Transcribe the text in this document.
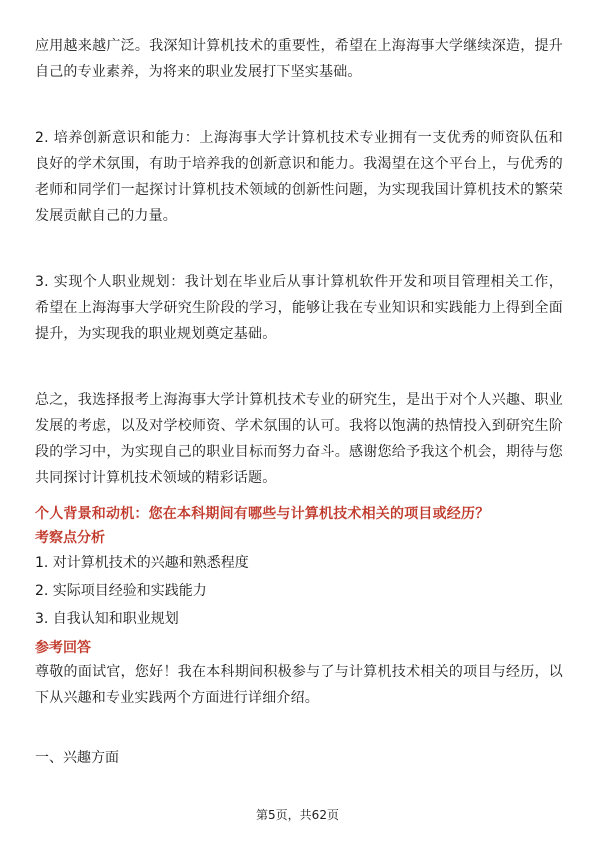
应用越来越广泛。我深知计算机技术的重要性，希望在上海海事大学继续深造，提升自己的专业素养，为将来的职业发展打下坚实基础。

2. 培养创新意识和能力：上海海事大学计算机技术专业拥有一支优秀的师资队伍和良好的学术氛围，有助于培养我的创新意识和能力。我渴望在这个平台上，与优秀的老师和同学们一起探讨计算机技术领域的创新性问题，为实现我国计算机技术的繁荣发展贡献自己的力量。

3. 实现个人职业规划：我计划在毕业后从事计算机软件开发和项目管理相关工作，希望在上海海事大学研究生阶段的学习，能够让我在专业知识和实践能力上得到全面提升，为实现我的职业规划奠定基础。

总之，我选择报考上海海事大学计算机技术专业的研究生，是出于对个人兴趣、职业发展的考虑，以及对学校师资、学术氛围的认可。我将以饱满的热情投入到研究生阶段的学习中，为实现自己的职业目标而努力奋斗。感谢您给予我这个机会，期待与您共同探讨计算机技术领域的精彩话题。

个人背景和动机：您在本科期间有哪些与计算机技术相关的项目或经历？

考察点分析

1. 对计算机技术的兴趣和熟悉程度

2. 实际项目经验和实践能力

3. 自我认知和职业规划

参考回答

尊敬的面试官，您好！我在本科期间积极参与了与计算机技术相关的项目与经历，以下从兴趣和专业实践两个方面进行详细介绍。

一、兴趣方面

第5页，共62页
